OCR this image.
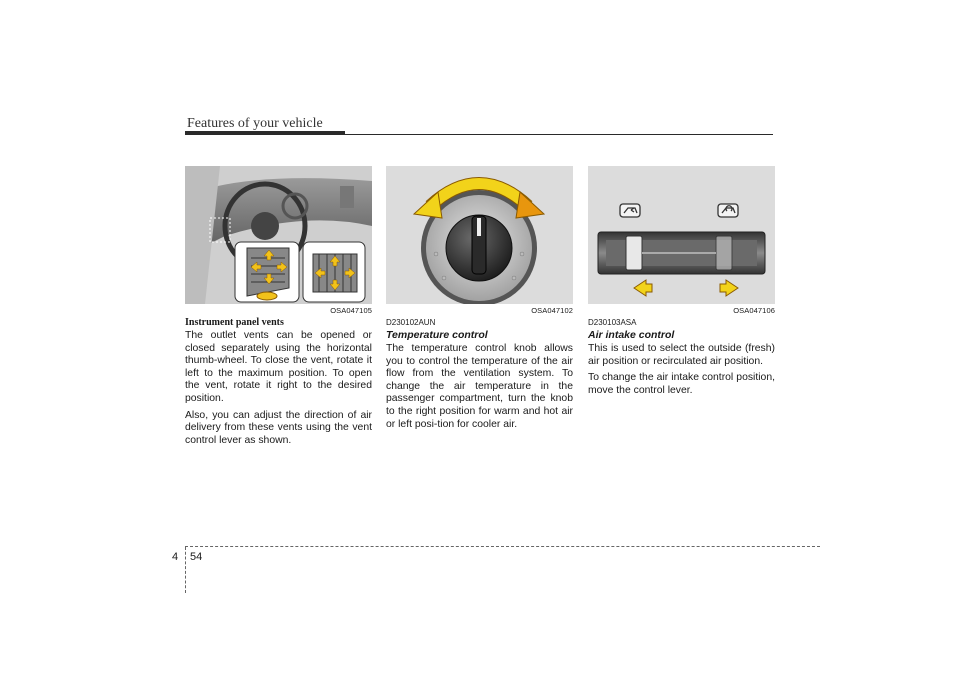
Features of your vehicle
OSA047105
Instrument panel vents

The outlet vents can be opened or closed separately using the horizontal thumb-wheel. To close the vent, rotate it left to the maximum position. To open the vent, rotate it right to the desired position.

Also, you can adjust the direction of air delivery from these vents using the vent control lever as shown.

OSA047102
D230102AUN
Temperature control

The temperature control knob allows you to control the temperature of the air flow from the ventilation system. To change the air temperature in the passenger compartment, turn the knob to the right position for warm and hot air or left posi-tion for cooler air.

OSA047106
D230103ASA
Air intake control

This is used to select the outside (fresh) air position or recirculated air position.

To change the air intake control position, move the control lever.

4 54
